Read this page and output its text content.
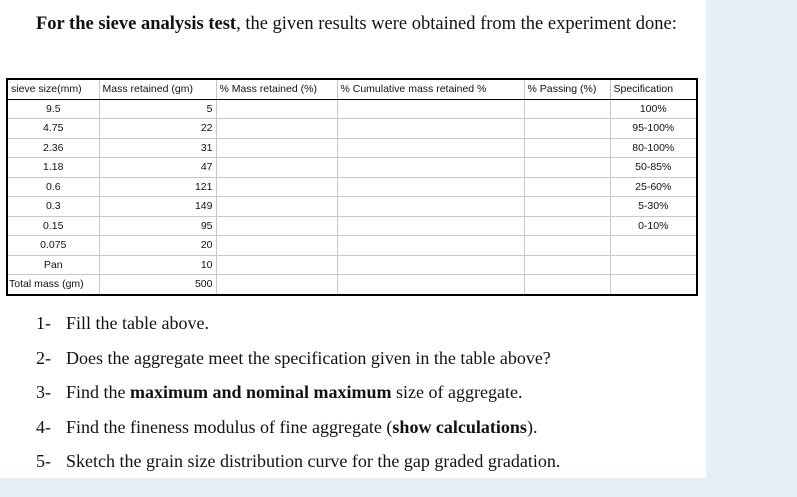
For the sieve analysis test, the given results were obtained from the experiment done:
sieve size(mm)	Mass retained (gm)	% Mass retained (%)	% Cumulative mass retained %	% Passing (%)	Specification
9.5	5				100%
4.75	22				95-100%
2.36	31				80-100%
1.18	47				50-85%
0.6	121				25-60%
0.3	149				5-30%
0.15	95				0-10%
0.075	20				
Pan	10				
Total mass (gm)	500				
1- Fill the table above.
2- Does the aggregate meet the specification given in the table above?
3- Find the maximum and nominal maximum size of aggregate.
4- Find the fineness modulus of fine aggregate (show calculations).
5- Sketch the grain size distribution curve for the gap graded gradation.
